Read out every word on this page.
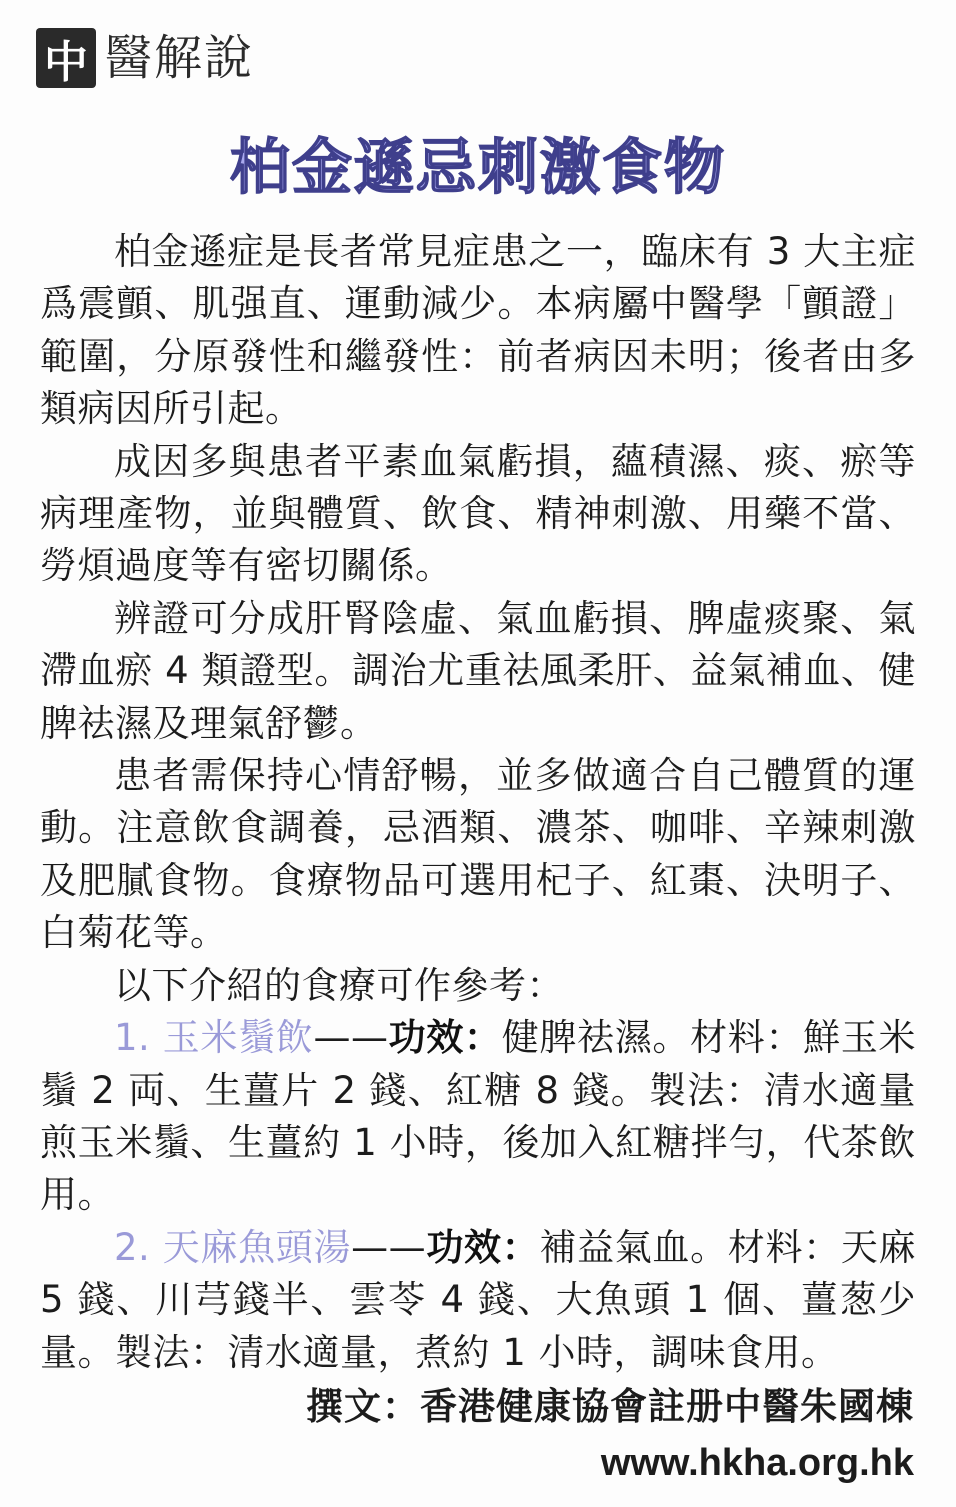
中 醫解說
柏金遜忌刺激食物

柏金遜症是長者常見症患之一，臨床有 3 大主症爲震顫、肌强直、運動減少。本病屬中醫學「顫證」範圍，分原發性和繼發性：前者病因未明；後者由多類病因所引起。

成因多與患者平素血氣虧損，蘊積濕、痰、瘀等病理產物，並與體質、飲食、精神刺激、用藥不當、勞煩過度等有密切關係。

辨證可分成肝腎陰虛、氣血虧損、脾虛痰聚、氣滯血瘀 4 類證型。調治尤重祛風柔肝、益氣補血、健脾祛濕及理氣舒鬱。

患者需保持心情舒暢，並多做適合自己體質的運動。注意飲食調養，忌酒類、濃茶、咖啡、辛辣刺激及肥膩食物。食療物品可選用杞子、紅棗、決明子、白菊花等。

以下介紹的食療可作參考：

1. 玉米鬚飲——功效：健脾祛濕。材料：鮮玉米鬚 2 両、生薑片 2 錢、紅糖 8 錢。製法：清水適量煎玉米鬚、生薑約 1 小時，後加入紅糖拌勻，代茶飲用。

2. 天麻魚頭湯——功效：補益氣血。材料：天麻 5 錢、川芎錢半、雲苓 4 錢、大魚頭 1 個、薑葱少量。製法：清水適量，煮約 1 小時，調味食用。

撰文：香港健康協會註册中醫朱國棟
www.hkha.org.hk
